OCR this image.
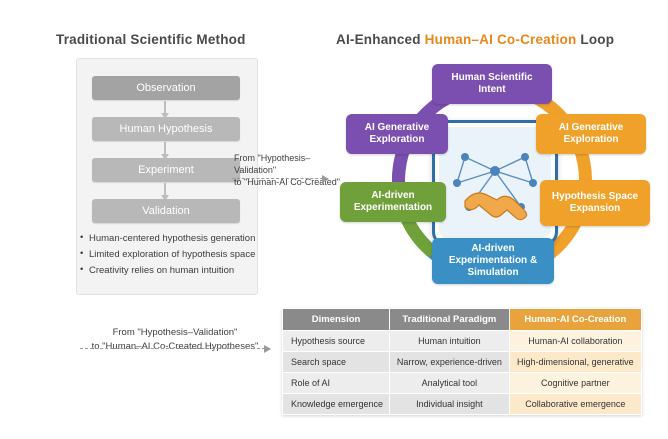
Traditional Scientific Method	AI-Enhanced Human–AI Co-Creation Loop
Observation
Human Hypothesis
Experiment
Validation
• Human-centered hypothesis generation
• Limited exploration of hypothesis space
• Creativity relies on human intuition
From "Hypothesis–Validation"
to "Human-AI Co-Created"
Human Scientific Intent
AI Generative Exploration
AI Generative Exploration
AI-driven Experimentation
Hypothesis Space Expansion
AI-driven Experimentation & Simulation
From "Hypothesis–Validation"
to "Human–AI Co-Created Hypotheses"
Dimension	Traditional Paradigm	Human-AI Co-Creation
Hypothesis source	Human intuition	Human-AI collaboration
Search space	Narrow, experience-driven	High-dimensional, generative
Role of AI	Analytical tool	Cognitive partner
Knowledge emergence	Individual insight	Collaborative emergence
